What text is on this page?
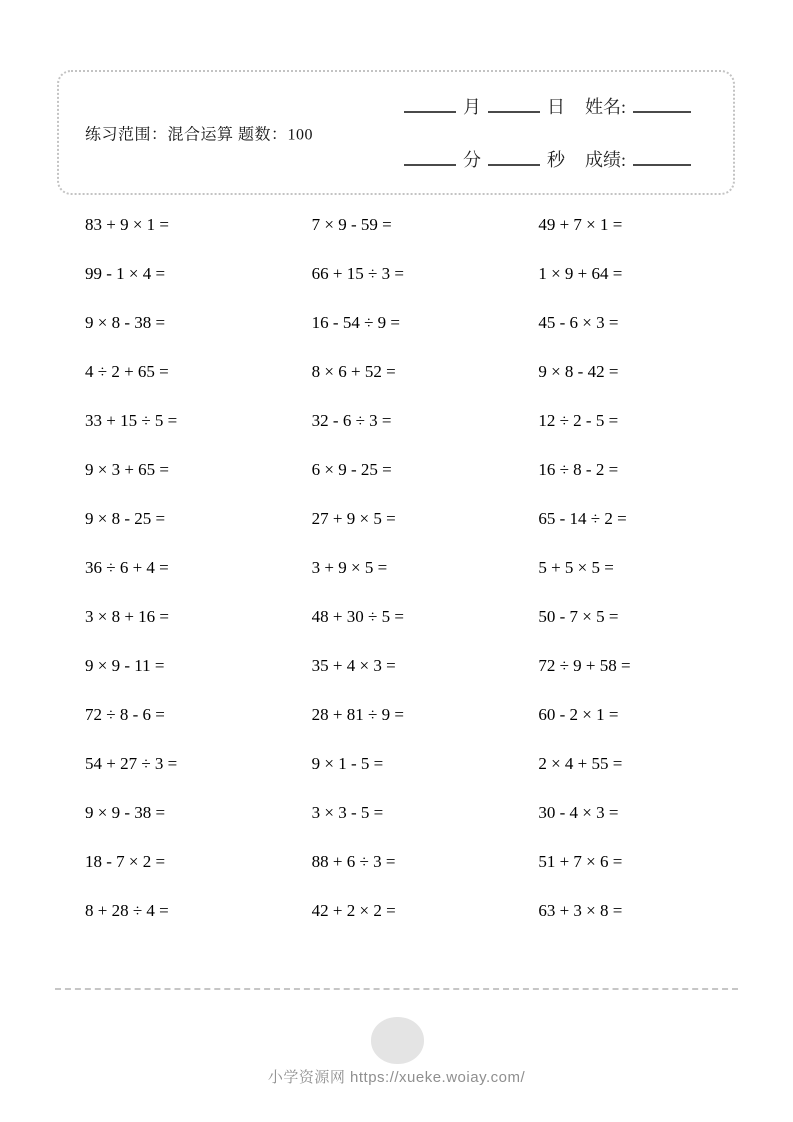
练习范围：混合运算 题数：100
月	日 姓名:
分	秒 成绩:
83 + 9 × 1 =	7 × 9 - 59 =	49 + 7 × 1 =
99 - 1 × 4 =	66 + 15 ÷ 3 =	1 × 9 + 64 =
9 × 8 - 38 =	16 - 54 ÷ 9 =	45 - 6 × 3 =
4 ÷ 2 + 65 =	8 × 6 + 52 =	9 × 8 - 42 =
33 + 15 ÷ 5 =	32 - 6 ÷ 3 =	12 ÷ 2 - 5 =
9 × 3 + 65 =	6 × 9 - 25 =	16 ÷ 8 - 2 =
9 × 8 - 25 =	27 + 9 × 5 =	65 - 14 ÷ 2 =
36 ÷ 6 + 4 =	3 + 9 × 5 =	5 + 5 × 5 =
3 × 8 + 16 =	48 + 30 ÷ 5 =	50 - 7 × 5 =
9 × 9 - 11 =	35 + 4 × 3 =	72 ÷ 9 + 58 =
72 ÷ 8 - 6 =	28 + 81 ÷ 9 =	60 - 2 × 1 =
54 + 27 ÷ 3 =	9 × 1 - 5 =	2 × 4 + 55 =
9 × 9 - 38 =	3 × 3 - 5 =	30 - 4 × 3 =
18 - 7 × 2 =	88 + 6 ÷ 3 =	51 + 7 × 6 =
8 + 28 ÷ 4 =	42 + 2 × 2 =	63 + 3 × 8 =
小学资源网 https://xueke.woiay.com/
